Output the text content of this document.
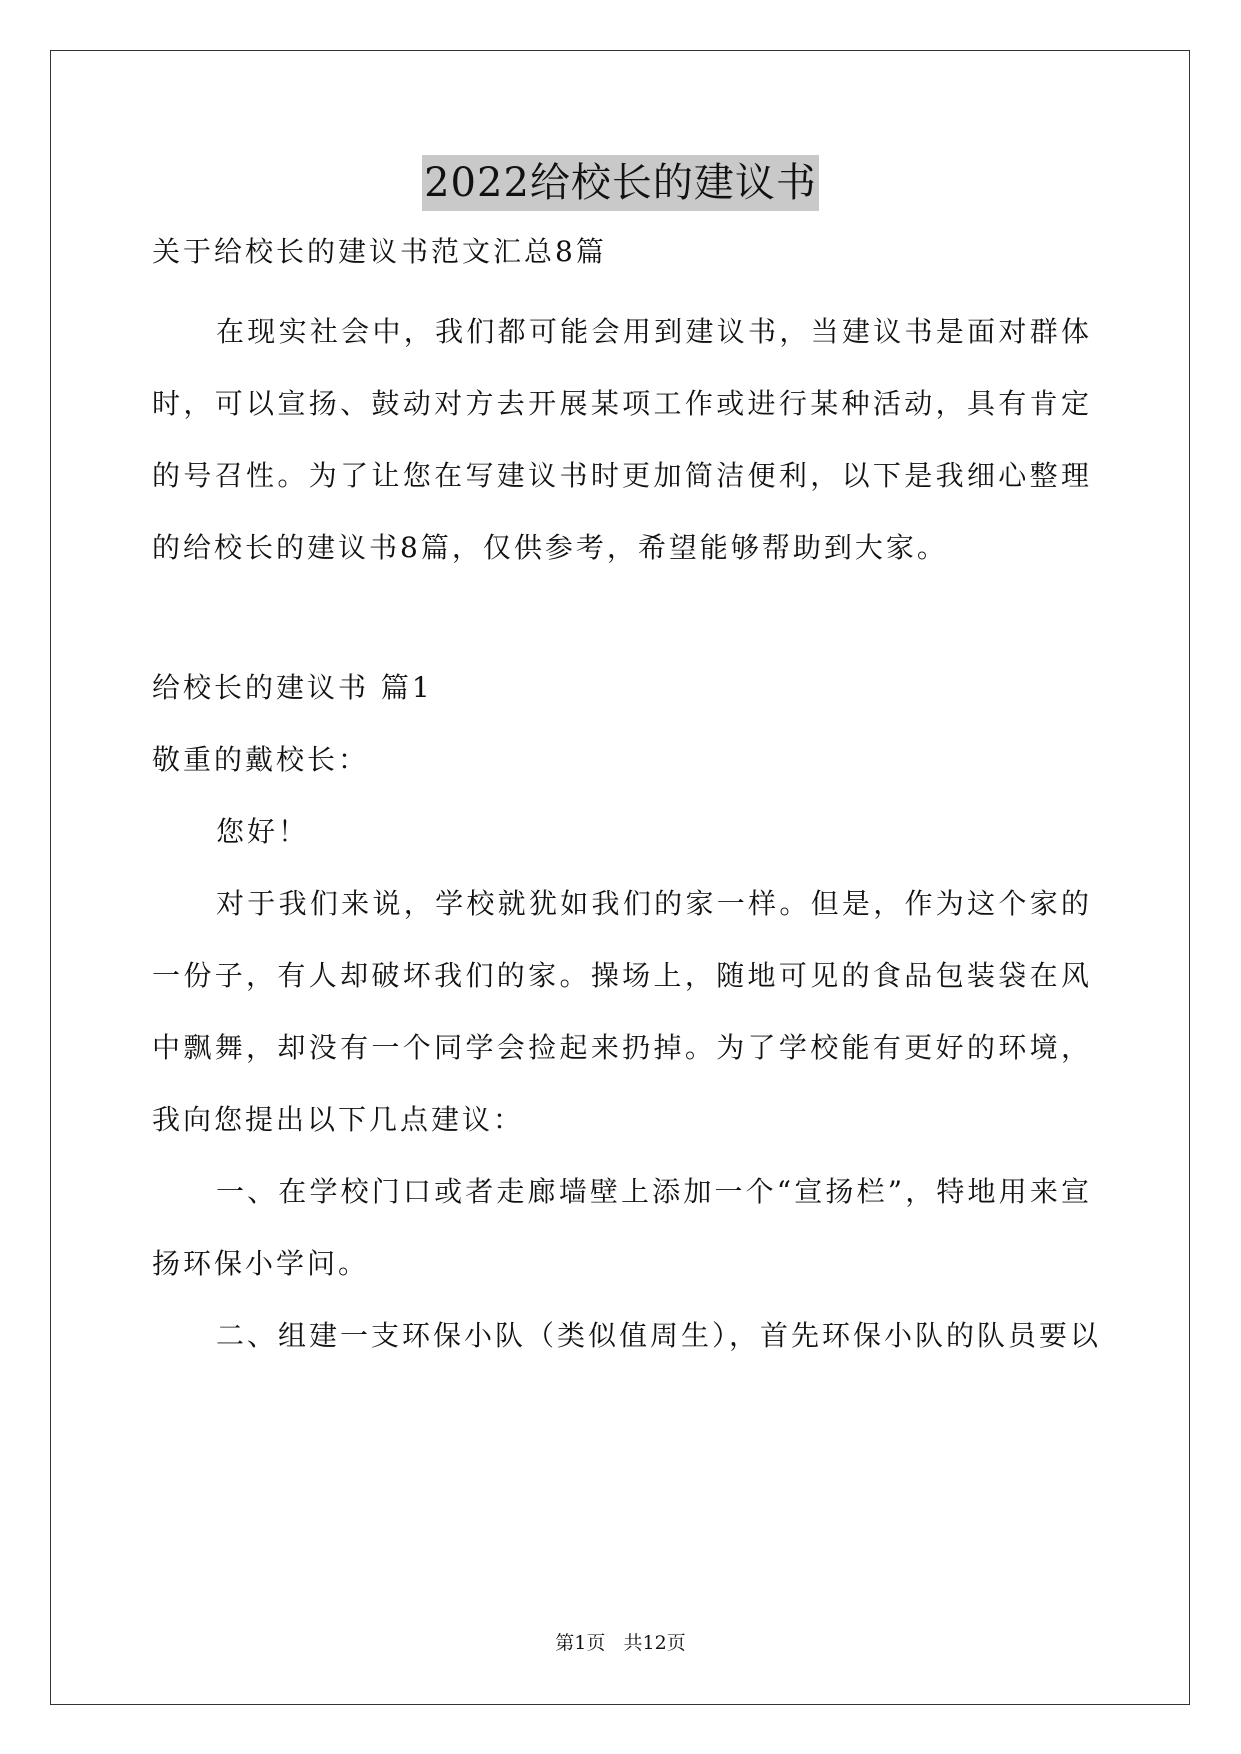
2022给校长的建议书
关于给校长的建议书范文汇总8篇
在现实社会中，我们都可能会用到建议书，当建议书是面对群体
时，可以宣扬、鼓动对方去开展某项工作或进行某种活动，具有肯定
的号召性。为了让您在写建议书时更加简洁便利，以下是我细心整理
的给校长的建议书8篇，仅供参考，希望能够帮助到大家。
给校长的建议书 篇1
敬重的戴校长：
您好！
对于我们来说，学校就犹如我们的家一样。但是，作为这个家的
一份子，有人却破坏我们的家。操场上，随地可见的食品包装袋在风
中飘舞，却没有一个同学会捡起来扔掉。为了学校能有更好的环境，
我向您提出以下几点建议：
一、在学校门口或者走廊墙壁上添加一个“宣扬栏”，特地用来宣
扬环保小学问。
二、组建一支环保小队（类似值周生），首先环保小队的队员要以
第1页 共12页
